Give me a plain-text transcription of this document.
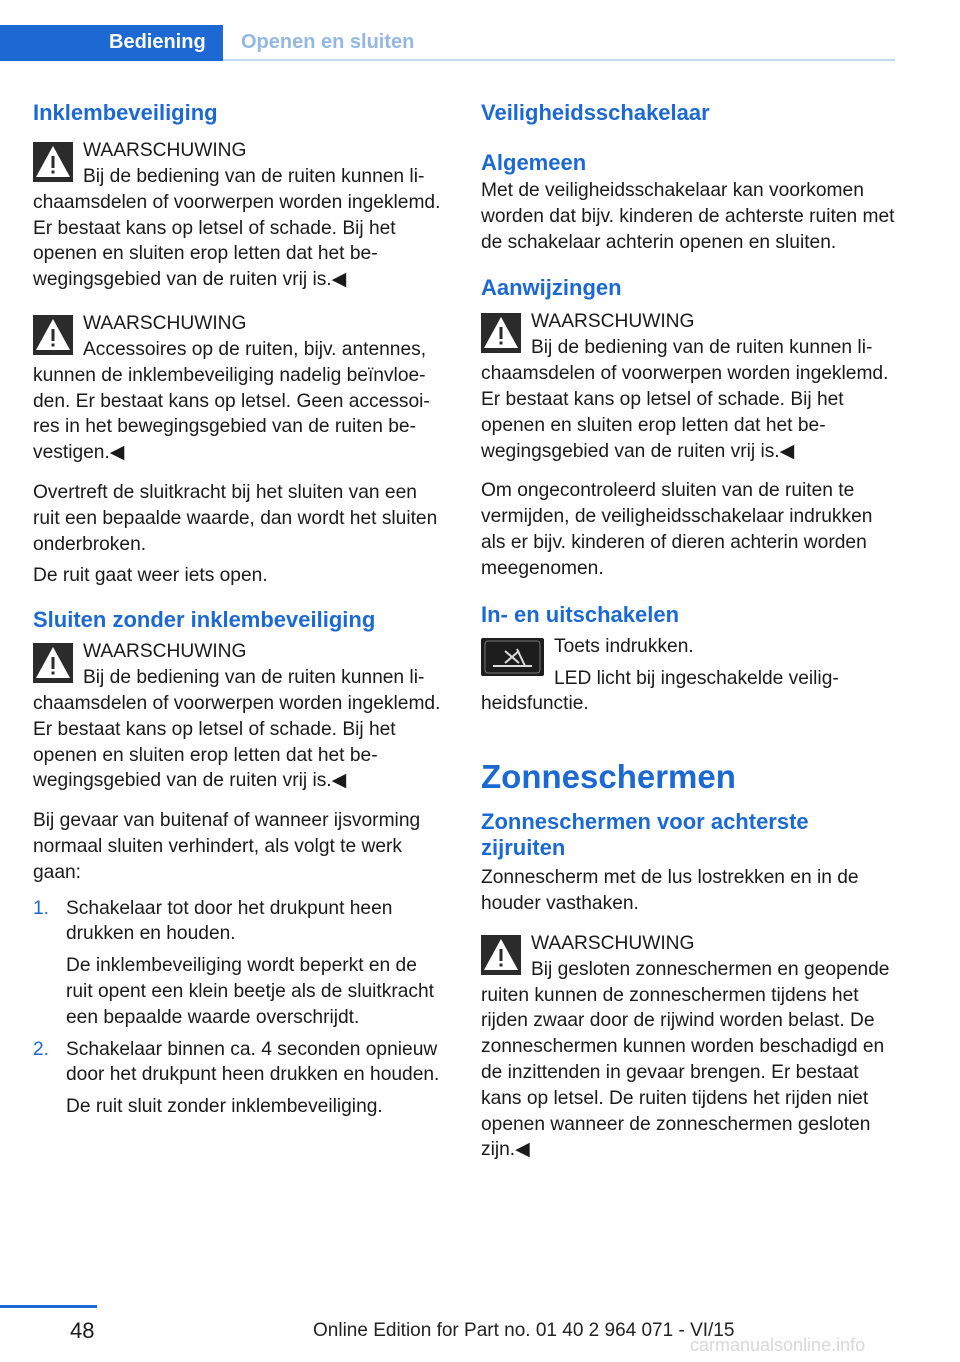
Bediening Openen en sluiten
Inklembeveiliging
WAARSCHUWING

Bij de bediening van de ruiten kunnen lichaamsdelen of voorwerpen worden ingeklemd. Er bestaat kans op letsel of schade. Bij het openen en sluiten erop letten dat het bewegingsgebied van de ruiten vrij is.◀

WAARSCHUWING

Accessoires op de ruiten, bijv. antennes, kunnen de inklembeveiliging nadelig beïnvloeden. Er bestaat kans op letsel. Geen accessoires in het bewegingsgebied van de ruiten bevestigen.◀

Overtreft de sluitkracht bij het sluiten van een ruit een bepaalde waarde, dan wordt het sluiten onderbroken.

De ruit gaat weer iets open.

Sluiten zonder inklembeveiliging
WAARSCHUWING

Bij de bediening van de ruiten kunnen lichaamsdelen of voorwerpen worden ingeklemd. Er bestaat kans op letsel of schade. Bij het openen en sluiten erop letten dat het bewegingsgebied van de ruiten vrij is.◀

Bij gevaar van buitenaf of wanneer ijsvorming normaal sluiten verhindert, als volgt te werk gaan:

1. Schakelaar tot door het drukpunt heen drukken en houden.
De inklembeveiliging wordt beperkt en de ruit opent een klein beetje als de sluitkracht een bepaalde waarde overschrijdt.
2. Schakelaar binnen ca. 4 seconden opnieuw door het drukpunt heen drukken en houden.
De ruit sluit zonder inklembeveiliging.
Veiligheidsschakelaar
Algemeen

Met de veiligheidsschakelaar kan voorkomen worden dat bijv. kinderen de achterste ruiten met de schakelaar achterin openen en sluiten.

Aanwijzingen
WAARSCHUWING

Bij de bediening van de ruiten kunnen lichaamsdelen of voorwerpen worden ingeklemd. Er bestaat kans op letsel of schade. Bij het openen en sluiten erop letten dat het bewegingsgebied van de ruiten vrij is.◀

Om ongecontroleerd sluiten van de ruiten te vermijden, de veiligheidsschakelaar indrukken als er bijv. kinderen of dieren achterin worden meegenomen.

In- en uitschakelen
Toets indrukken.

LED licht bij ingeschakelde veiligheidsfunctie.

Zonneschermen
Zonneschermen voor achterste zijruiten

Zonnescherm met de lus lostrekken en in de houder vasthaken.

WAARSCHUWING

Bij gesloten zonneschermen en geopende ruiten kunnen de zonneschermen tijdens het rijden zwaar door de rijwind worden belast. De zonneschermen kunnen worden beschadigd en de inzittenden in gevaar brengen. Er bestaat kans op letsel. De ruiten tijdens het rijden niet openen wanneer de zonneschermen gesloten zijn.◀

48	Online Edition for Part no. 01 40 2 964 071 - VI/15
carmanualsonline.info
